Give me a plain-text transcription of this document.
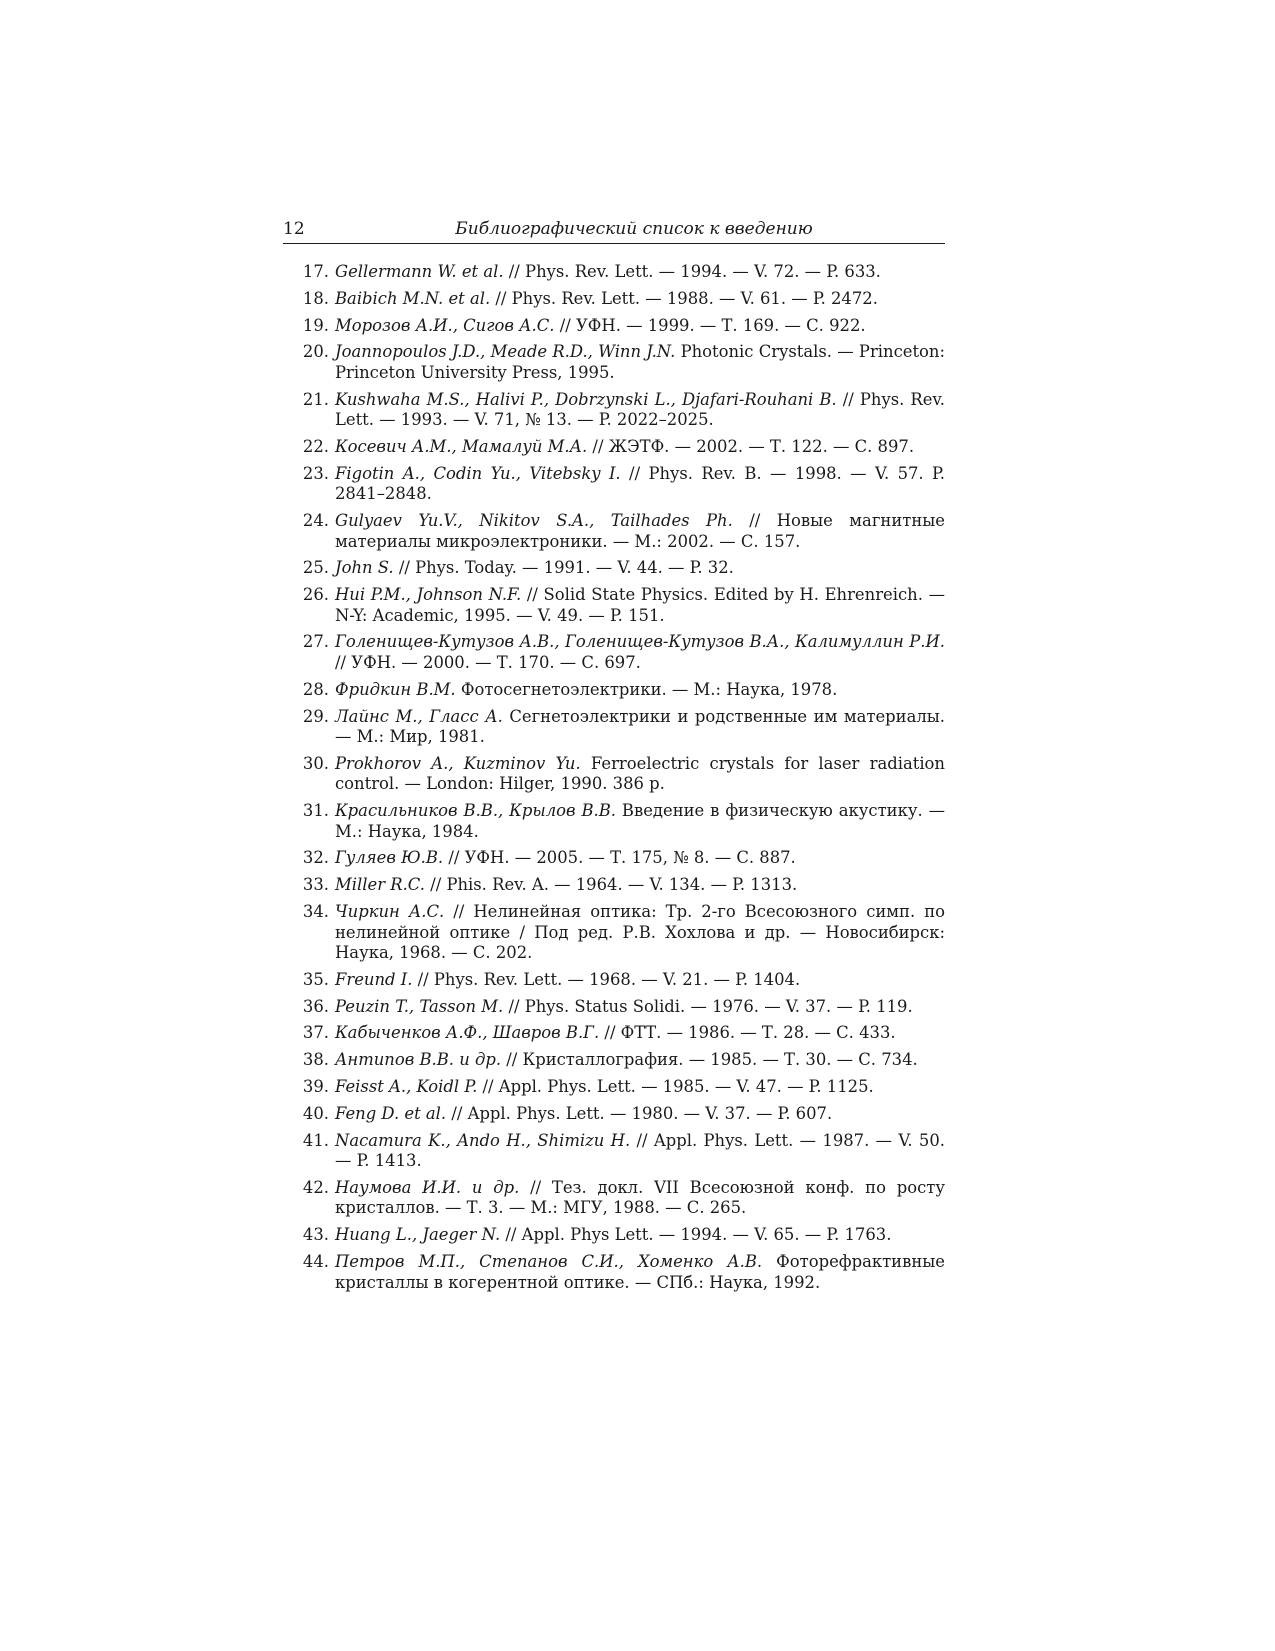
12	Библиографический список к введению
17. Gellermann W. et al. // Phys. Rev. Lett. — 1994. — V. 72. — P. 633.
18. Baibich M.N. et al. // Phys. Rev. Lett. — 1988. — V. 61. — P. 2472.
19. Морозов А.И., Сигов А.С. // УФН. — 1999. — Т. 169. — С. 922.
20. Joannopoulos J.D., Meade R.D., Winn J.N. Photonic Crystals. — Princeton: Princeton University Press, 1995.
21. Kushwaha M.S., Halivi P., Dobrzynski L., Djafari-Rouhani B. // Phys. Rev. Lett. — 1993. — V. 71, № 13. — P. 2022–2025.
22. Косевич А.М., Мамалуй М.А. // ЖЭТФ. — 2002. — Т. 122. — С. 897.
23. Figotin A., Codin Yu., Vitebsky I. // Phys. Rev. B. — 1998. — V. 57. P. 2841–2848.
24. Gulyaev Yu.V., Nikitov S.A., Tailhades Ph. // Новые магнитные материалы микроэлектроники. — М.: 2002. — С. 157.
25. John S. // Phys. Today. — 1991. — V. 44. — P. 32.
26. Hui P.M., Johnson N.F. // Solid State Physics. Edited by H. Ehrenreich. — N-Y: Academic, 1995. — V. 49. — P. 151.
27. Голенищев-Кутузов А.В., Голенищев-Кутузов В.А., Калимуллин Р.И. // УФН. — 2000. — Т. 170. — С. 697.
28. Фридкин В.М. Фотосегнетоэлектрики. — М.: Наука, 1978.
29. Лайнс М., Гласс А. Сегнетоэлектрики и родственные им материалы. — М.: Мир, 1981.
30. Prokhorov A., Kuzminov Yu. Ferroelectric crystals for laser radiation control. — London: Hilger, 1990. 386 p.
31. Красильников В.В., Крылов В.В. Введение в физическую акустику. — М.: Наука, 1984.
32. Гуляев Ю.В. // УФН. — 2005. — Т. 175, № 8. — С. 887.
33. Miller R.C. // Phis. Rev. A. — 1964. — V. 134. — P. 1313.
34. Чиркин А.С. // Нелинейная оптика: Тр. 2-го Всесоюзного симп. по нелинейной оптике / Под ред. Р.В. Хохлова и др. — Новосибирск: Наука, 1968. — С. 202.
35. Freund I. // Phys. Rev. Lett. — 1968. — V. 21. — P. 1404.
36. Peuzin T., Tasson M. // Phys. Status Solidi. — 1976. — V. 37. — P. 119.
37. Кабыченков А.Ф., Шавров В.Г. // ФТТ. — 1986. — Т. 28. — С. 433.
38. Антипов В.В. и др. // Кристаллография. — 1985. — Т. 30. — С. 734.
39. Feisst A., Koidl P. // Appl. Phys. Lett. — 1985. — V. 47. — P. 1125.
40. Feng D. et al. // Appl. Phys. Lett. — 1980. — V. 37. — P. 607.
41. Nacamura K., Ando H., Shimizu H. // Appl. Phys. Lett. — 1987. — V. 50. — P. 1413.
42. Наумова И.И. и др. // Тез. докл. VII Всесоюзной конф. по росту кристаллов. — Т. 3. — М.: МГУ, 1988. — С. 265.
43. Huang L., Jaeger N. // Appl. Phys Lett. — 1994. — V. 65. — P. 1763.
44. Петров М.П., Степанов С.И., Хоменко А.В. Фоторефрактивные кристаллы в когерентной оптике. — СПб.: Наука, 1992.
